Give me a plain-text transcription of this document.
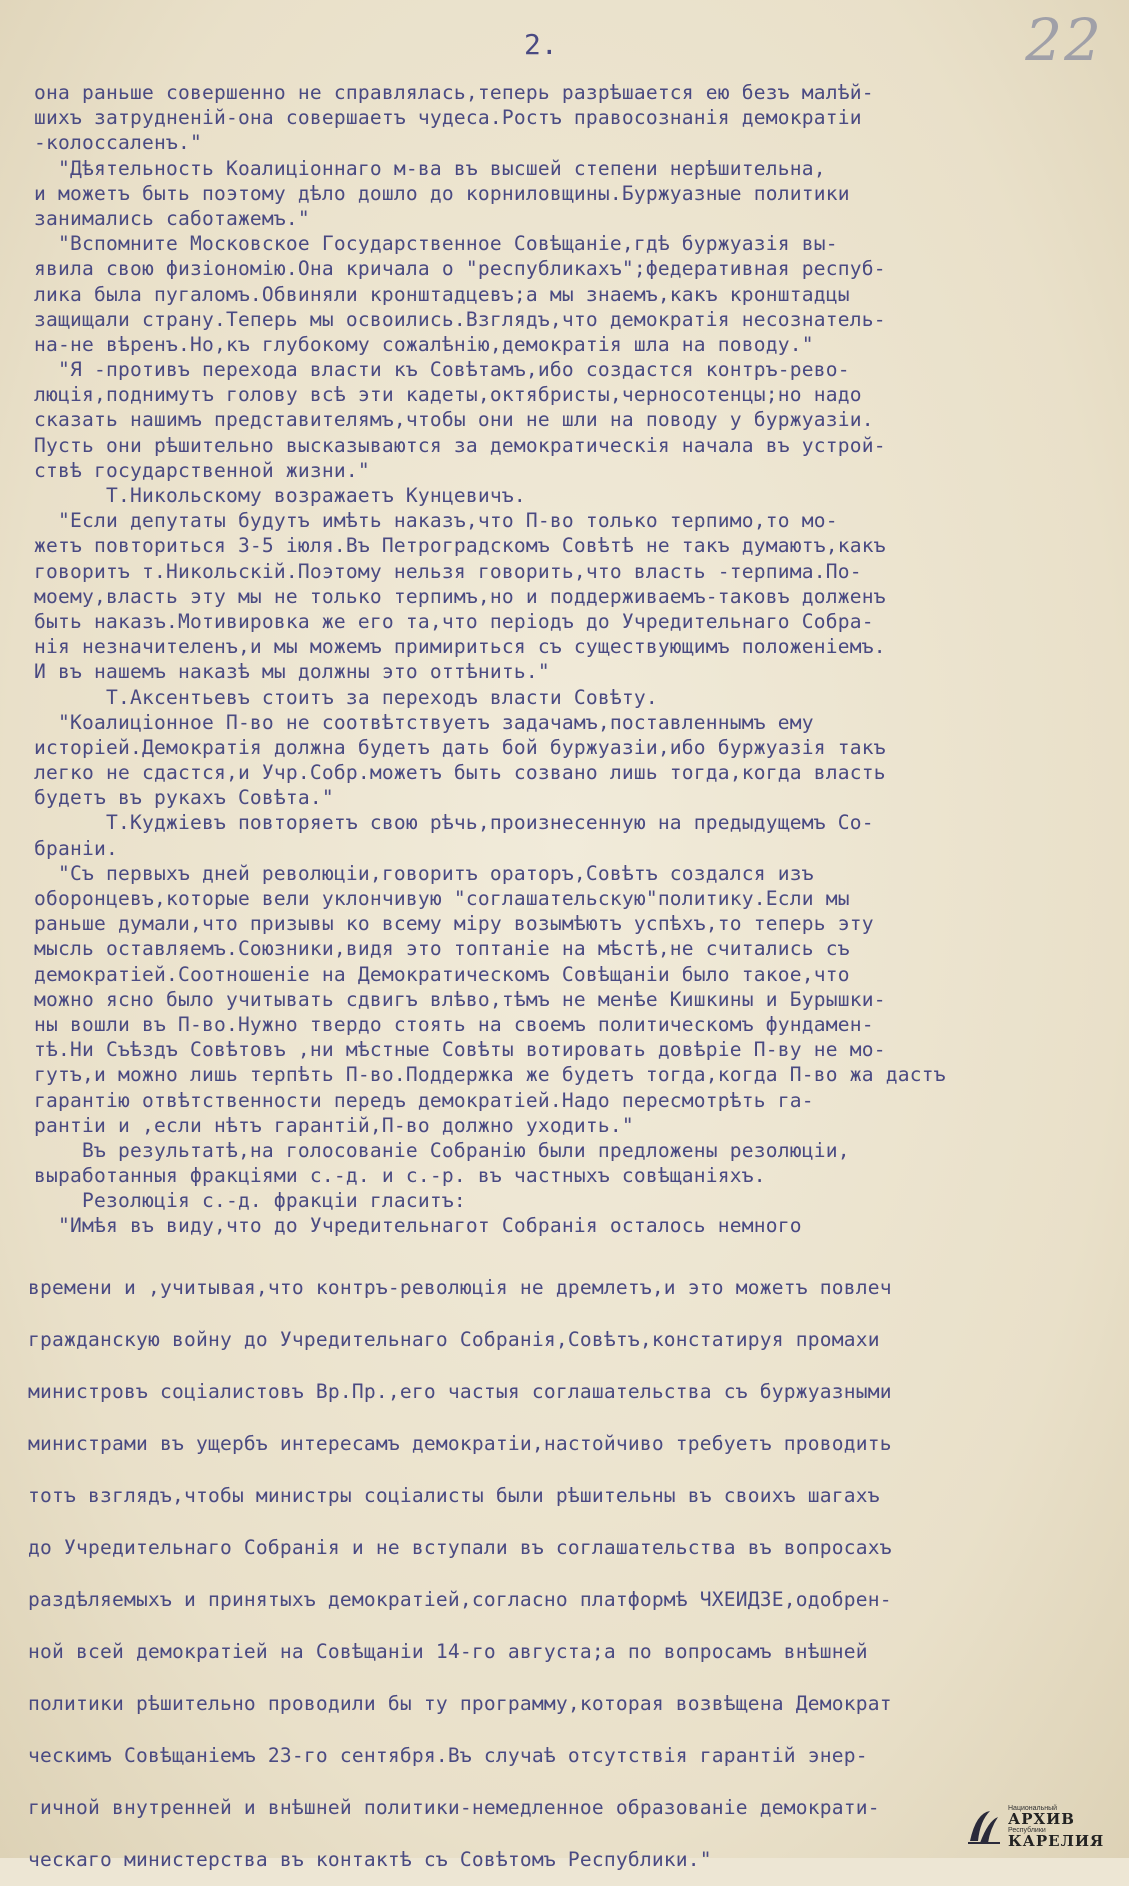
2.	22
она раньше совершенно не справлялась,теперь разрѣшается ею безъ малѣй-
шихъ затрудненій-она совершаетъ чудеса.Ростъ правосознанія демократіи
-колоссаленъ."
"Дѣятельность Коалиціоннаго м-ва въ высшей степени нерѣшительна,
и можетъ быть поэтому дѣло дошло до корниловщины.Буржуазные политики
занимались саботажемъ."
"Вспомните Московское Государственное Совѣщаніе,гдѣ буржуазія вы-
явила свою физіономію.Она кричала о "республикахъ";федеративная респуб-
лика была пугаломъ.Обвиняли кронштадцевъ;а мы знаемъ,какъ кронштадцы
защищали страну.Теперь мы освоились.Взглядъ,что демократія несознатель-
на-не вѣренъ.Но,къ глубокому сожалѣнію,демократія шла на поводу."
"Я -противъ перехода власти къ Совѣтамъ,ибо создастся контръ-рево-
люція,поднимутъ голову всѣ эти кадеты,октябристы,черносотенцы;но надо
сказать нашимъ представителямъ,чтобы они не шли на поводу у буржуазіи.
Пусть они рѣшительно высказываются за демократическія начала въ устрой-
ствѣ государственной жизни."
Т.Никольскому возражаетъ Кунцевичъ.
"Если депутаты будутъ имѣть наказъ,что П-во только терпимо,то мо-
жетъ повториться 3-5 іюля.Въ Петроградскомъ Совѣтѣ не такъ думаютъ,какъ
говоритъ т.Никольскій.Поэтому нельзя говорить,что власть -терпима.По-
моему,власть эту мы не только терпимъ,но и поддерживаемъ-таковъ долженъ
быть наказъ.Мотивировка же его та,что періодъ до Учредительнаго Собра-
нія незначителенъ,и мы можемъ примириться съ существующимъ положеніемъ.
И въ нашемъ наказѣ мы должны это оттѣнить."
Т.Аксентьевъ стоитъ за переходъ власти Совѣту.
"Коалиціонное П-во не соотвѣтствуетъ задачамъ,поставленнымъ ему
исторіей.Демократія должна будетъ дать бой буржуазіи,ибо буржуазія такъ
легко не сдастся,и Учр.Собр.можетъ быть созвано лишь тогда,когда власть
будетъ въ рукахъ Совѣта."
Т.Куджіевъ повторяетъ свою рѣчь,произнесенную на предыдущемъ Со-
браніи.
"Съ первыхъ дней революціи,говоритъ ораторъ,Совѣтъ создался изъ
оборонцевъ,которые вели уклончивую "соглашательскую"политику.Если мы
раньше думали,что призывы ко всему міру возымѣютъ успѣхъ,то теперь эту
мысль оставляемъ.Союзники,видя это топтаніе на мѣстѣ,не считались съ
демократіей.Соотношеніе на Демократическомъ Совѣщаніи было такое,что
можно ясно было учитывать сдвигъ влѣво,тѣмъ не менѣе Кишкины и Бурышки-
ны вошли въ П-во.Нужно твердо стоять на своемъ политическомъ фундамен-
тѣ.Ни Съѣздъ Совѣтовъ ,ни мѣстные Совѣты вотировать довѣріе П-ву не мо-
гутъ,и можно лишь терпѣть П-во.Поддержка же будетъ тогда,когда П-во жа дастъ
гарантію отвѣтственности передъ демократіей.Надо пересмотрѣть га-
рантіи и ,если нѣтъ гарантій,П-во должно уходить."
Въ результатѣ,на голосованіе Собранію были предложены резолюціи,
выработанныя фракціями с.-д. и с.-р. въ частныхъ совѣщаніяхъ.
Резолюція с.-д. фракціи гласитъ:
"Имѣя въ виду,что до Учредительнагот Собранія осталось немного
времени и ,учитывая,что контръ-революція не дремлетъ,и это можетъ повлеч
гражданскую войну до Учредительнаго Собранія,Совѣтъ,констатируя промахи
министровъ соціалистовъ Вр.Пр.,его частыя соглашательства съ буржуазными
министрами въ ущербъ интересамъ демократіи,настойчиво требуетъ проводить
тотъ взглядъ,чтобы министры соціалисты были рѣшительны въ своихъ шагахъ
до Учредительнаго Собранія и не вступали въ соглашательства въ вопросахъ
раздѣляемыхъ и принятыхъ демократіей,согласно платформѣ ЧХЕИДЗЕ,одобрен-
ной всей демократіей на Совѣщаніи 14-го августа;а по вопросамъ внѣшней
политики рѣшительно проводили бы ту программу,которая возвѣщена Демократ
ческимъ Совѣщаніемъ 23-го сентября.Въ случаѣ отсутствія гарантій энер-
гичной внутренней и внѣшней политики-немедленное образованіе демократи-
ческаго министерства въ контактѣ съ Совѣтомъ Республики."
Национальный
АРХИВ
Республики
КАРЕЛИЯ
